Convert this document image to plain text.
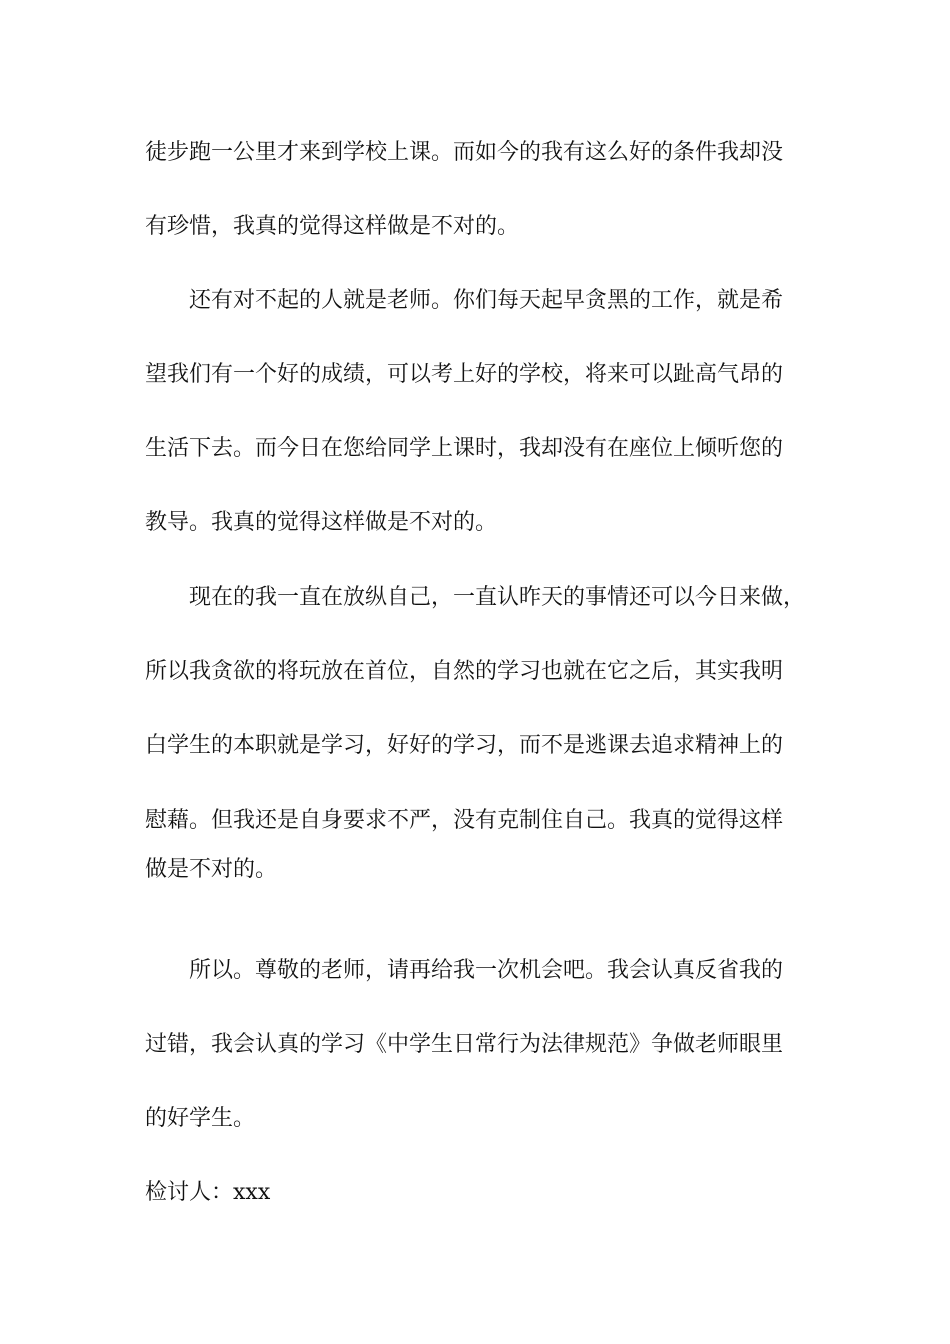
徒步跑一公里才来到学校上课。而如今的我有这么好的条件我却没
有珍惜，我真的觉得这样做是不对的。
还有对不起的人就是老师。你们每天起早贪黑的工作，就是希
望我们有一个好的成绩，可以考上好的学校，将来可以趾高气昂的
生活下去。而今日在您给同学上课时，我却没有在座位上倾听您的
教导。我真的觉得这样做是不对的。
现在的我一直在放纵自己，一直认昨天的事情还可以今日来做，
所以我贪欲的将玩放在首位，自然的学习也就在它之后，其实我明
白学生的本职就是学习，好好的学习，而不是逃课去追求精神上的
慰藉。但我还是自身要求不严，没有克制住自己。我真的觉得这样
做是不对的。
所以。尊敬的老师，请再给我一次机会吧。我会认真反省我的
过错，我会认真的学习《中学生日常行为法律规范》争做老师眼里
的好学生。
检讨人：xxx
